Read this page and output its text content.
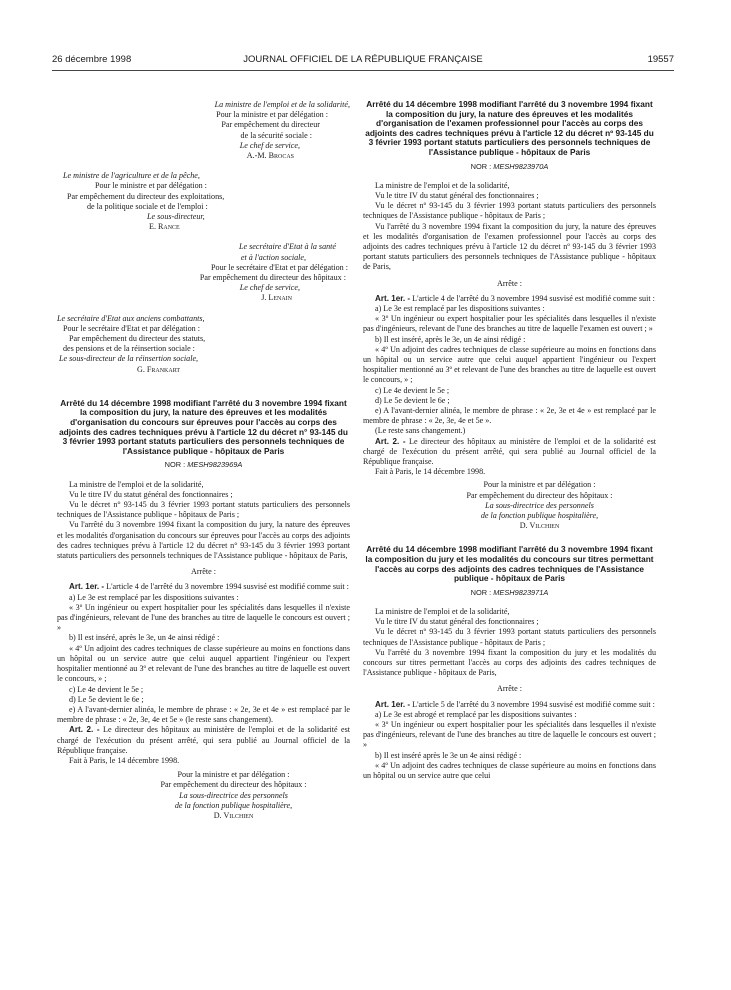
26 décembre 1998	JOURNAL OFFICIEL DE LA RÉPUBLIQUE FRANÇAISE	19557
La ministre de l'emploi et de la solidarité,
Pour la ministre et par délégation :
Par empêchement du directeur
de la sécurité sociale :
Le chef de service,
A.-M. Brocas
Le ministre de l'agriculture et de la pêche,
Pour le ministre et par délégation :
Par empêchement du directeur des exploitations,
de la politique sociale et de l'emploi :
Le sous-directeur,
E. Rance
Le secrétaire d'Etat à la santé
et à l'action sociale,
Pour le secrétaire d'Etat et par délégation :
Par empêchement du directeur des hôpitaux :
Le chef de service,
J. Lenain
Le secrétaire d'Etat aux anciens combattants,
Pour le secrétaire d'Etat et par délégation :
Par empêchement du directeur des statuts,
des pensions et de la réinsertion sociale :
Le sous-directeur de la réinsertion sociale,
G. Frankart
Arrêté du 14 décembre 1998 modifiant l'arrêté du 3 novembre 1994 fixant la composition du jury, la nature des épreuves et les modalités d'organisation du concours sur épreuves pour l'accès au corps des adjoints des cadres techniques prévu à l'article 12 du décret n° 93-145 du 3 février 1993 portant statuts particuliers des personnels techniques de l'Assistance publique - hôpitaux de Paris
NOR : MESH9823969A

La ministre de l'emploi et de la solidarité,

Vu le titre IV du statut général des fonctionnaires ;

Vu le décret n° 93-145 du 3 février 1993 portant statuts particuliers des personnels techniques de l'Assistance publique - hôpitaux de Paris ;

Vu l'arrêté du 3 novembre 1994 fixant la composition du jury, la nature des épreuves et les modalités d'organisation du concours sur épreuves pour l'accès au corps des adjoints des cadres techniques prévu à l'article 12 du décret n° 93-145 du 3 février 1993 portant statuts particuliers des personnels techniques de l'Assistance publique - hôpitaux de Paris,

Arrête :

Art. 1er. - L'article 4 de l'arrêté du 3 novembre 1994 susvisé est modifié comme suit :

a) Le 3e est remplacé par les dispositions suivantes :

« 3º Un ingénieur ou expert hospitalier pour les spécialités dans lesquelles il n'existe pas d'ingénieurs, relevant de l'une des branches au titre de laquelle le concours est ouvert ; »

b) Il est inséré, après le 3e, un 4e ainsi rédigé :

« 4º Un adjoint des cadres techniques de classe supérieure au moins en fonctions dans un hôpital ou un service autre que celui auquel appartient l'ingénieur ou l'expert hospitalier mentionné au 3º et relevant de l'une des branches au titre de laquelle est ouvert le concours, » ;

c) Le 4e devient le 5e ;

d) Le 5e devient le 6e ;

e) A l'avant-dernier alinéa, le membre de phrase : « 2e, 3e et 4e » est remplacé par le membre de phrase : « 2e, 3e, 4e et 5e » (le reste sans changement).

Art. 2. - Le directeur des hôpitaux au ministère de l'emploi et de la solidarité est chargé de l'exécution du présent arrêté, qui sera publié au Journal officiel de la République française.

Fait à Paris, le 14 décembre 1998.

Pour la ministre et par délégation :
Par empêchement du directeur des hôpitaux :
La sous-directrice des personnels
de la fonction publique hospitalière,
D. Vilchien
Arrêté du 14 décembre 1998 modifiant l'arrêté du 3 novembre 1994 fixant la composition du jury, la nature des épreuves et les modalités d'organisation de l'examen professionnel pour l'accès au corps des adjoints des cadres techniques prévu à l'article 12 du décret nº 93-145 du 3 février 1993 portant statuts particuliers des personnels techniques de l'Assistance publique - hôpitaux de Paris
NOR : MESH9823970A

La ministre de l'emploi et de la solidarité,

Vu le titre IV du statut général des fonctionnaires ;

Vu le décret nº 93-145 du 3 février 1993 portant statuts particuliers des personnels techniques de l'Assistance publique - hôpitaux de Paris ;

Vu l'arrêté du 3 novembre 1994 fixant la composition du jury, la nature des épreuves et les modalités d'organisation de l'examen professionnel pour l'accès au corps des adjoints des cadres techniques prévu à l'article 12 du décret nº 93-145 du 3 février 1993 portant statuts particuliers des personnels techniques de l'Assistance publique - hôpitaux de Paris,

Arrête :

Art. 1er. - L'article 4 de l'arrêté du 3 novembre 1994 susvisé est modifié comme suit :

a) Le 3e est remplacé par les dispositions suivantes :

« 3º Un ingénieur ou expert hospitalier pour les spécialités dans lesquelles il n'existe pas d'ingénieurs, relevant de l'une des branches au titre de laquelle l'examen est ouvert ; »

b) Il est inséré, après le 3e, un 4e ainsi rédigé :

« 4º Un adjoint des cadres techniques de classe supérieure au moins en fonctions dans un hôpital ou un service autre que celui auquel appartient l'ingénieur ou l'expert hospitalier mentionné au 3º et relevant de l'une des branches au titre de laquelle est ouvert le concours, » ;

c) Le 4e devient le 5e ;

d) Le 5e devient le 6e ;

e) A l'avant-dernier alinéa, le membre de phrase : « 2e, 3e et 4e » est remplacé par le membre de phrase : « 2e, 3e, 4e et 5e ».

(Le reste sans changement.)

Art. 2. - Le directeur des hôpitaux au ministère de l'emploi et de la solidarité est chargé de l'exécution du présent arrêté, qui sera publié au Journal officiel de la République française.

Fait à Paris, le 14 décembre 1998.

Pour la ministre et par délégation :
Par empêchement du directeur des hôpitaux :
La sous-directrice des personnels
de la fonction publique hospitalière,
D. Vilchien
Arrêté du 14 décembre 1998 modifiant l'arrêté du 3 novembre 1994 fixant la composition du jury et les modalités du concours sur titres permettant l'accès au corps des adjoints des cadres techniques de l'Assistance publique - hôpitaux de Paris
NOR : MESH9823971A

La ministre de l'emploi et de la solidarité,

Vu le titre IV du statut général des fonctionnaires ;

Vu le décret nº 93-145 du 3 février 1993 portant statuts particuliers des personnels techniques de l'Assistance publique - hôpitaux de Paris ;

Vu l'arrêté du 3 novembre 1994 fixant la composition du jury et les modalités du concours sur titres permettant l'accès au corps des adjoints des cadres techniques de l'Assistance publique - hôpitaux de Paris,

Arrête :

Art. 1er. - L'article 5 de l'arrêté du 3 novembre 1994 susvisé est modifié comme suit :

a) Le 3e est abrogé et remplacé par les dispositions suivantes :

« 3º Un ingénieur ou expert hospitalier pour les spécialités dans lesquelles il n'existe pas d'ingénieurs, relevant de l'une des branches au titre de laquelle le concours est ouvert ; »

b) Il est inséré après le 3e un 4e ainsi rédigé :

« 4º Un adjoint des cadres techniques de classe supérieure au moins en fonctions dans un hôpital ou un service autre que celui
